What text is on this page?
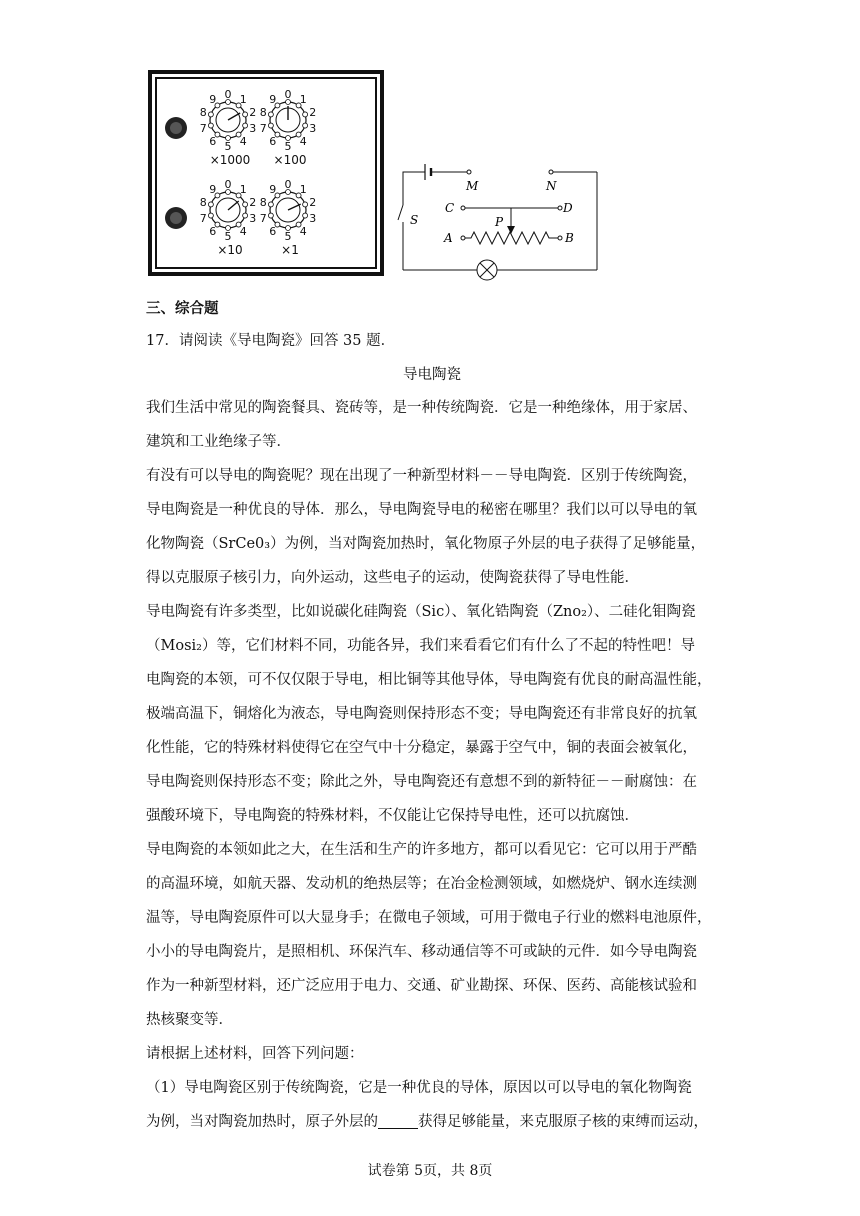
0 1
2
3
4
5
6
7
8
9
×1000
0 1
2
3
4
5
6
7
8
9
×100
0 1
2
3
4
5
6
7
8
9
×10
0 1
2
3
4
5
6
7
8
9
×1
M	N
C	D
P
A	B
S
三、综合题
17．请阅读《导电陶瓷》回答 35 题．
导电陶瓷
我们生活中常见的陶瓷餐具、瓷砖等，是一种传统陶瓷．它是一种绝缘体，用于家居、
建筑和工业绝缘子等．
有没有可以导电的陶瓷呢？现在出现了一种新型材料－－导电陶瓷．区别于传统陶瓷，
导电陶瓷是一种优良的导体．那么，导电陶瓷导电的秘密在哪里？我们以可以导电的氧
化物陶瓷（SrCe0₃）为例，当对陶瓷加热时，氧化物原子外层的电子获得了足够能量，
得以克服原子核引力，向外运动，这些电子的运动，使陶瓷获得了导电性能．
导电陶瓷有许多类型，比如说碳化硅陶瓷（Sic）、氧化锆陶瓷（Zno₂）、二硅化钼陶瓷
（Mosi₂）等，它们材料不同，功能各异，我们来看看它们有什么了不起的特性吧！导
电陶瓷的本领，可不仅仅限于导电，相比铜等其他导体，导电陶瓷有优良的耐高温性能，
极端高温下，铜熔化为液态，导电陶瓷则保持形态不变；导电陶瓷还有非常良好的抗氧
化性能，它的特殊材料使得它在空气中十分稳定，暴露于空气中，铜的表面会被氧化，
导电陶瓷则保持形态不变；除此之外，导电陶瓷还有意想不到的新特征－－耐腐蚀：在
强酸环境下，导电陶瓷的特殊材料，不仅能让它保持导电性，还可以抗腐蚀．
导电陶瓷的本领如此之大，在生活和生产的许多地方，都可以看见它：它可以用于严酷
的高温环境，如航天器、发动机的绝热层等；在冶金检测领域，如燃烧炉、钢水连续测
温等，导电陶瓷原件可以大显身手；在微电子领域，可用于微电子行业的燃料电池原件，
小小的导电陶瓷片，是照相机、环保汽车、移动通信等不可或缺的元件．如今导电陶瓷
作为一种新型材料，还广泛应用于电力、交通、矿业勘探、环保、医药、高能核试验和
热核聚变等．
请根据上述材料，回答下列问题：
（1）导电陶瓷区别于传统陶瓷，它是一种优良的导体，原因以可以导电的氧化物陶瓷
为例，当对陶瓷加热时，原子外层的	获得足够能量，来克服原子核的束缚而运动，
试卷第 5页，共 8页
